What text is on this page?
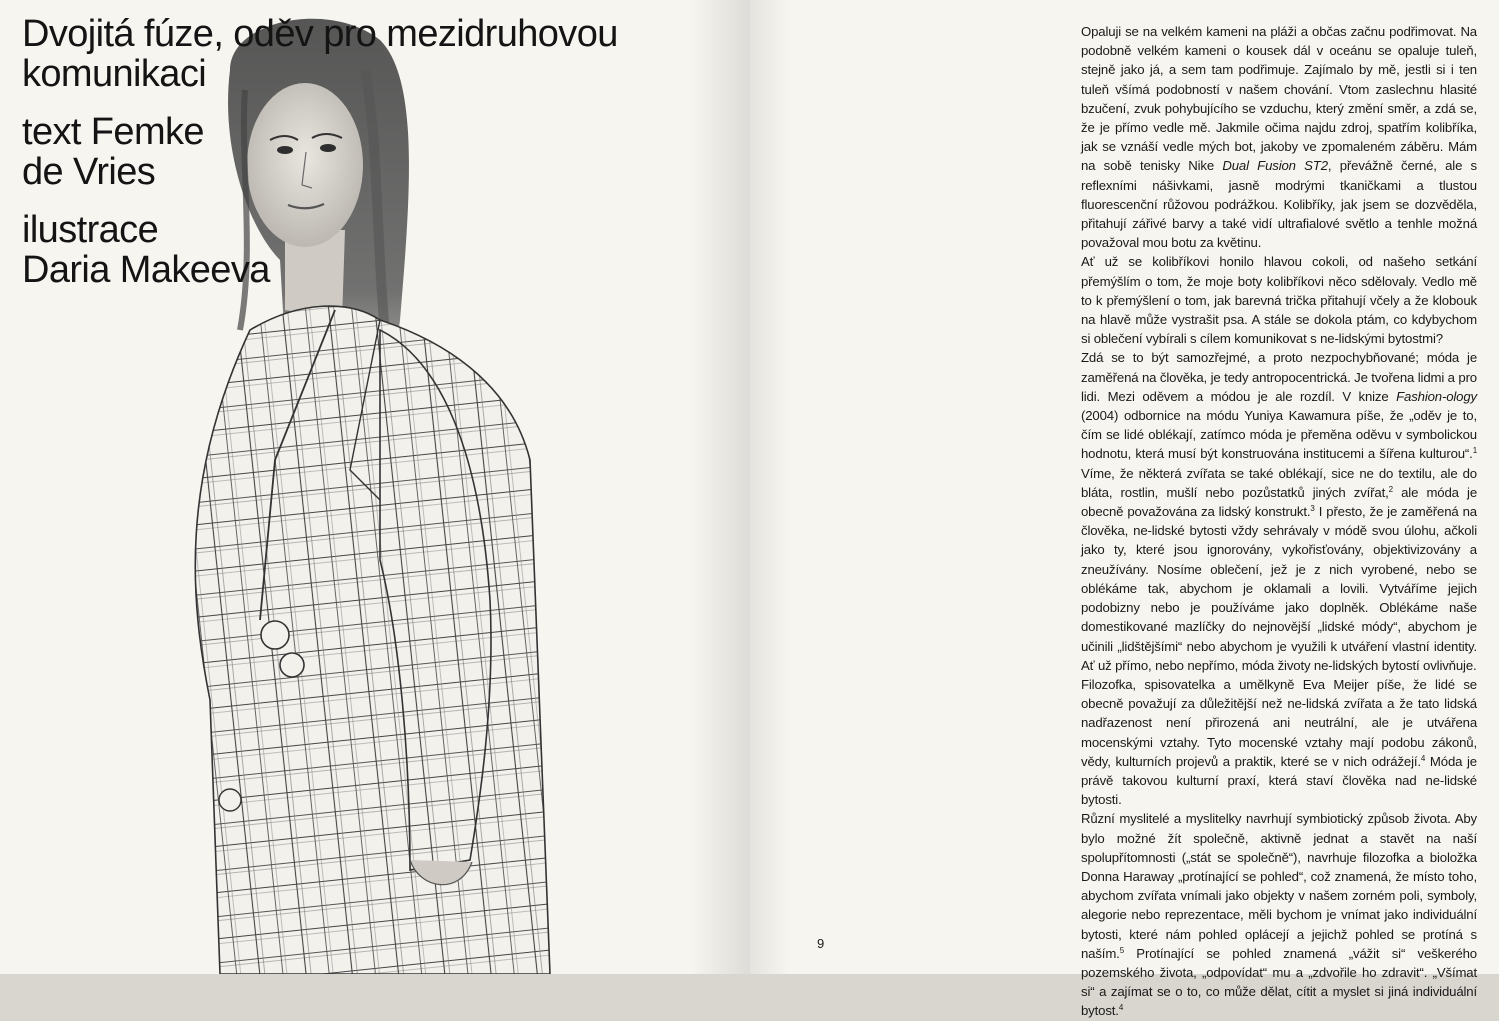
Dvojitá fúze, oděv pro mezidruhovou
komunikaci

text Femke
de Vries

ilustrace
Daria Makeeva

Opaluji se na velkém kameni na pláži a občas začnu podřimovat. Na podobně velkém kameni o kousek dál v oceánu se opaluje tuleň, stejně jako já, a sem tam podřimuje. Zajímalo by mě, jestli si i ten tuleň všímá podobností v našem chování. Vtom zaslechnu hlasité bzučení, zvuk pohybujícího se vzduchu, který změní směr, a zdá se, že je přímo vedle mě. Jakmile očima najdu zdroj, spatřím kolibříka, jak se vznáší vedle mých bot, jakoby ve zpomaleném záběru. Mám na sobě tenisky Nike Dual Fusion ST2, převážně černé, ale s reflexními nášivkami, jasně modrými tkaničkami a tlustou fluorescenční růžovou podrážkou. Kolibříky, jak jsem se dozvěděla, přitahují zářivé barvy a také vidí ultrafialové světlo a tenhle možná považoval mou botu za květinu.

Ať už se kolibříkovi honilo hlavou cokoli, od našeho setkání přemýšlím o tom, že moje boty kolibříkovi něco sdělovaly. Vedlo mě to k přemýšlení o tom, jak barevná trička přitahují včely a že klobouk na hlavě může vystrašit psa. A stále se dokola ptám, co kdybychom si oblečení vybírali s cílem komunikovat s ne-lidskými bytostmi?

Zdá se to být samozřejmé, a proto nezpochybňované; móda je zaměřená na člověka, je tedy antropocentrická. Je tvořena lidmi a pro lidi. Mezi oděvem a módou je ale rozdíl. V knize Fashion-ology (2004) odbornice na módu Yuniya Kawamura píše, že „oděv je to, čím se lidé oblékají, zatímco móda je přeměna oděvu v symbolickou hodnotu, která musí být konstruována institucemi a šířena kulturou“.$^1$ Víme, že některá zvířata se také oblékají, sice ne do textilu, ale do bláta, rostlin, mušlí nebo pozůstatků jiných zvířat,$^2$ ale móda je obecně považována za lidský konstrukt.$^3$ I přesto, že je zaměřená na člověka, ne-lidské bytosti vždy sehrávaly v módě svou úlohu, ačkoli jako ty, které jsou ignorovány, vykořisťovány, objektivizovány a zneužívány. Nosíme oblečení, jež je z nich vyrobené, nebo se oblékáme tak, abychom je oklamali a lovili. Vytváříme jejich podobizny nebo je používáme jako doplněk. Oblékáme naše domestikované mazlíčky do nejnovější „lidské módy“, abychom je učinili „lidštějšími“ nebo abychom je využili k utváření vlastní identity. Ať už přímo, nebo nepřímo, móda životy ne-lidských bytostí ovlivňuje.

Filozofka, spisovatelka a umělkyně Eva Meijer píše, že lidé se obecně považují za důležitější než ne-lidská zvířata a že tato lidská nadřazenost není přirozená ani neutrální, ale je utvářena mocenskými vztahy. Tyto mocenské vztahy mají podobu zákonů, vědy, kulturních projevů a praktik, které se v nich odrážejí.$^4$ Móda je právě takovou kulturní praxí, která staví člověka nad ne-lidské bytosti.

Různí myslitelé a myslitelky navrhují symbiotický způsob života. Aby bylo možné žít společně, aktivně jednat a stavět na naší spolupřítomnosti („stát se společně“), navrhuje filozofka a bioložka Donna Haraway „protínající se pohled“, což znamená, že místo toho, abychom zvířata vnímali jako objekty v našem zorném poli, symboly, alegorie nebo reprezentace, měli bychom je vnímat jako individuální bytosti, které nám pohled oplácejí a jejichž pohled se protíná s naším.$^5$ Protínající se pohled znamená „vážit si“ veškerého pozemského života, „odpovídat“ mu a „zdvořile ho zdravit“. „Všímat si“ a zajímat se o to, co může dělat, cítit a myslet si jiná individuální bytost.$^4$

9
